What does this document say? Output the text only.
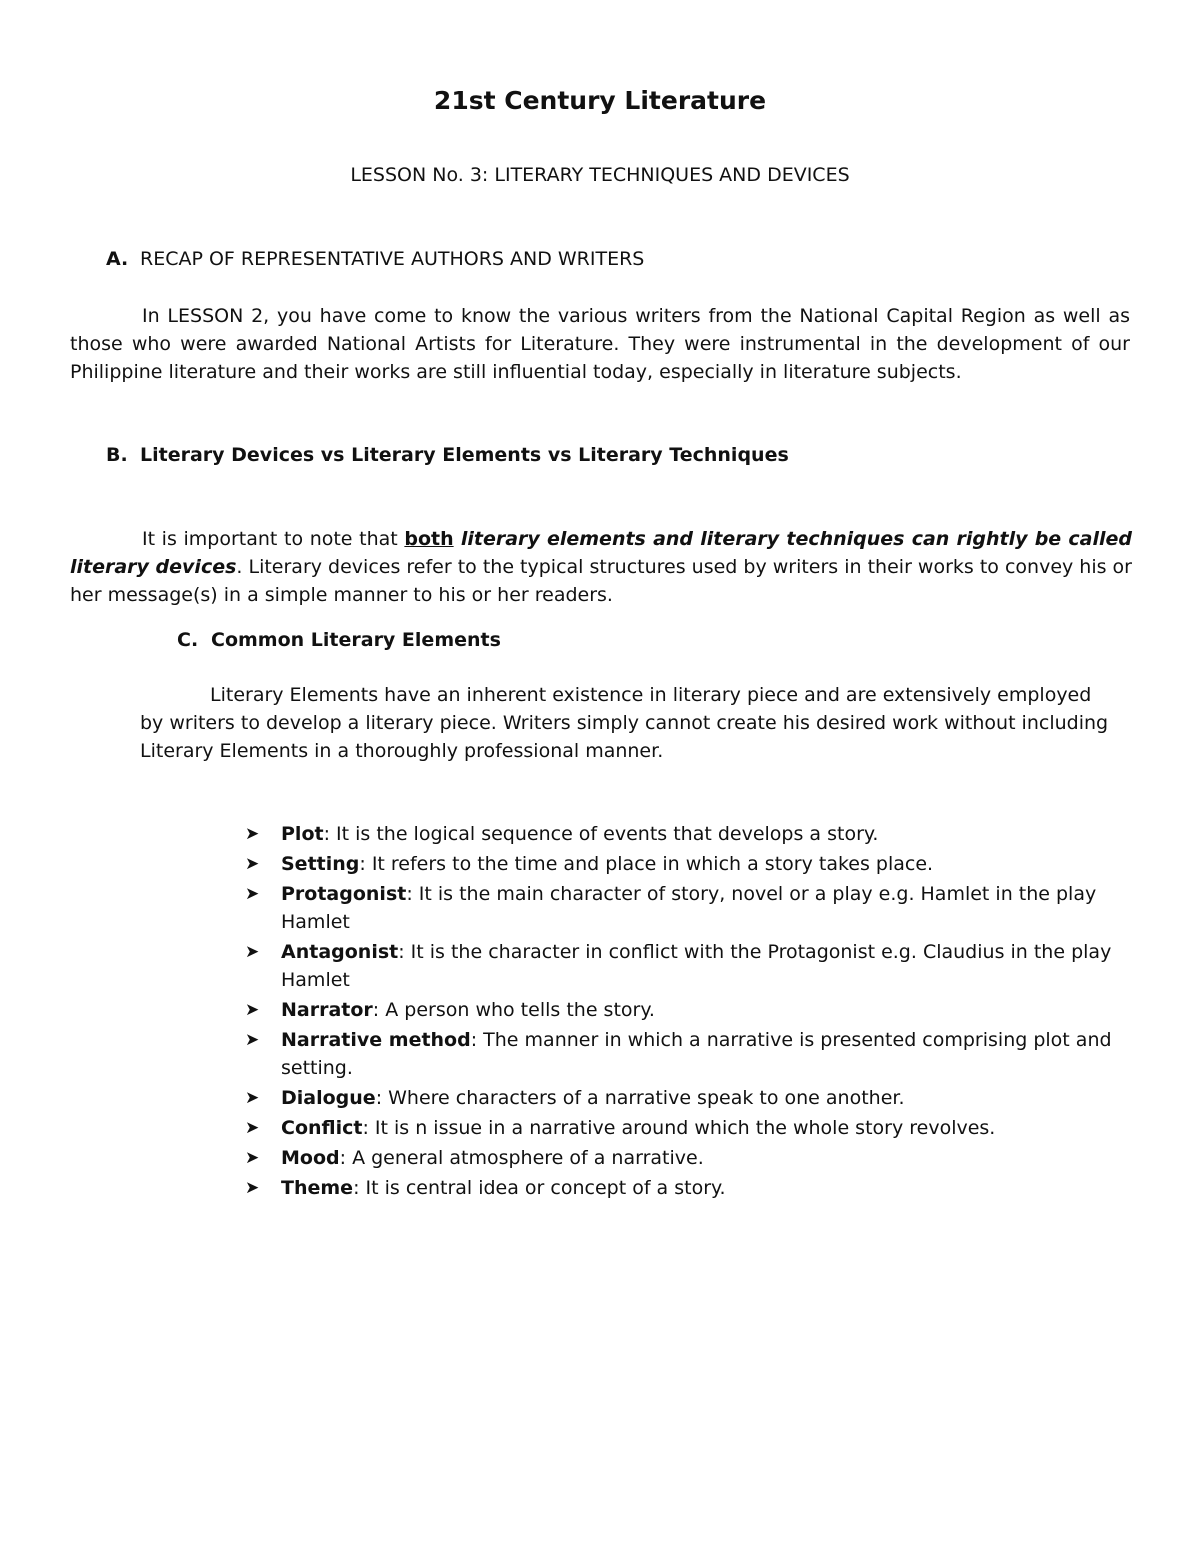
21st Century Literature
LESSON No. 3: LITERARY TECHNIQUES AND DEVICES
A. RECAP OF REPRESENTATIVE AUTHORS AND WRITERS
In LESSON 2, you have come to know the various writers from the National Capital Region as well as those who were awarded National Artists for Literature. They were instrumental in the development of our Philippine literature and their works are still influential today, especially in literature subjects.
B. Literary Devices vs Literary Elements vs Literary Techniques
It is important to note that both literary elements and literary techniques can rightly be called literary devices. Literary devices refer to the typical structures used by writers in their works to convey his or her message(s) in a simple manner to his or her readers.
C. Common Literary Elements
Literary Elements have an inherent existence in literary piece and are extensively employed by writers to develop a literary piece. Writers simply cannot create his desired work without including Literary Elements in a thoroughly professional manner.
➤ Plot: It is the logical sequence of events that develops a story.
➤ Setting: It refers to the time and place in which a story takes place.
➤ Protagonist: It is the main character of story, novel or a play e.g. Hamlet in the play Hamlet
➤ Antagonist: It is the character in conflict with the Protagonist e.g. Claudius in the play Hamlet
➤ Narrator: A person who tells the story.
➤ Narrative method: The manner in which a narrative is presented comprising plot and setting.
➤ Dialogue: Where characters of a narrative speak to one another.
➤ Conflict: It is n issue in a narrative around which the whole story revolves.
➤ Mood: A general atmosphere of a narrative.
➤ Theme: It is central idea or concept of a story.
